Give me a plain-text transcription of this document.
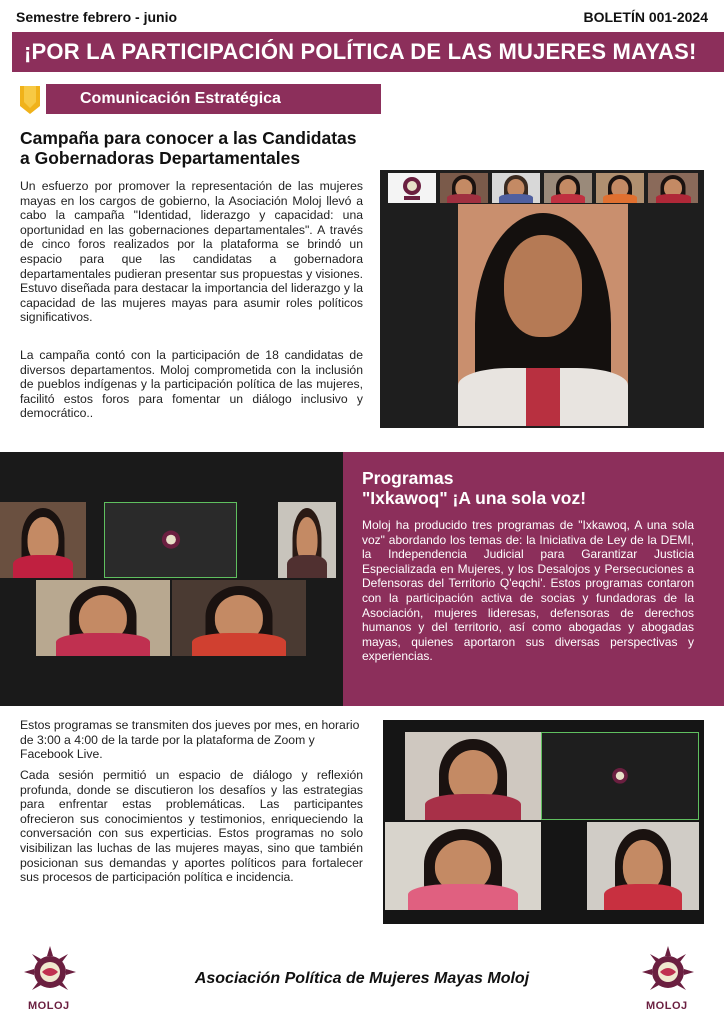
Semestre febrero - junio	BOLETÍN 001-2024
¡POR LA PARTICIPACIÓN POLÍTICA DE LAS MUJERES MAYAS!
Comunicación Estratégica
Campaña para conocer a las Candidatas
a Gobernadoras Departamentales

Un esfuerzo por promover la representación de las mujeres mayas en los cargos de gobierno, la Asociación Moloj llevó a cabo la campaña "Identidad, liderazgo y capacidad: una oportunidad en las gobernaciones departamentales". A través de cinco foros realizados por la plataforma se brindó un espacio para que las candidatas a gobernadora departamentales pudieran presentar sus propuestas y visiones. Estuvo diseñada para destacar la importancia del liderazgo y la capacidad de las mujeres mayas para asumir roles políticos significativos.

La campaña contó con la participación de 18 candidatas de diversos departamentos. Moloj comprometida con la inclusión de pueblos indígenas y la participación política de las mujeres, facilitó estos foros para fomentar un diálogo inclusivo y democrático..

Programas
"Ixkawoq" ¡A una sola voz!

Moloj ha producido tres programas de "Ixkawoq, A una sola voz" abordando los temas de: la Iniciativa de Ley de la DEMI, la Independencia Judicial para Garantizar Justicia Especializada en Mujeres, y los Desalojos y Persecuciones a Defensoras del Territorio Q'eqchi'. Estos programas contaron con la participación activa de socias y fundadoras de la Asociación, mujeres lideresas, defensoras de derechos humanos y del territorio, así como abogadas y abogadas mayas, quienes aportaron sus diversas perspectivas y experiencias.

Estos programas se transmiten dos jueves por mes, en horario de 3:00 a 4:00 de la tarde por la plataforma de Zoom y Facebook Live.

Cada sesión permitió un espacio de diálogo y reflexión profunda, donde se discutieron los desafíos y las estrategias para enfrentar estas problemáticas. Las participantes ofrecieron sus conocimientos y testimonios, enriqueciendo la conversación con sus experticias. Estos programas no solo visibilizan las luchas de las mujeres mayas, sino que también posicionan sus demandas y aportes políticos para fortalecer sus procesos de participación política e incidencia.

MOLOJ
Asociación Política de Mujeres Mayas Moloj
MOLOJ
